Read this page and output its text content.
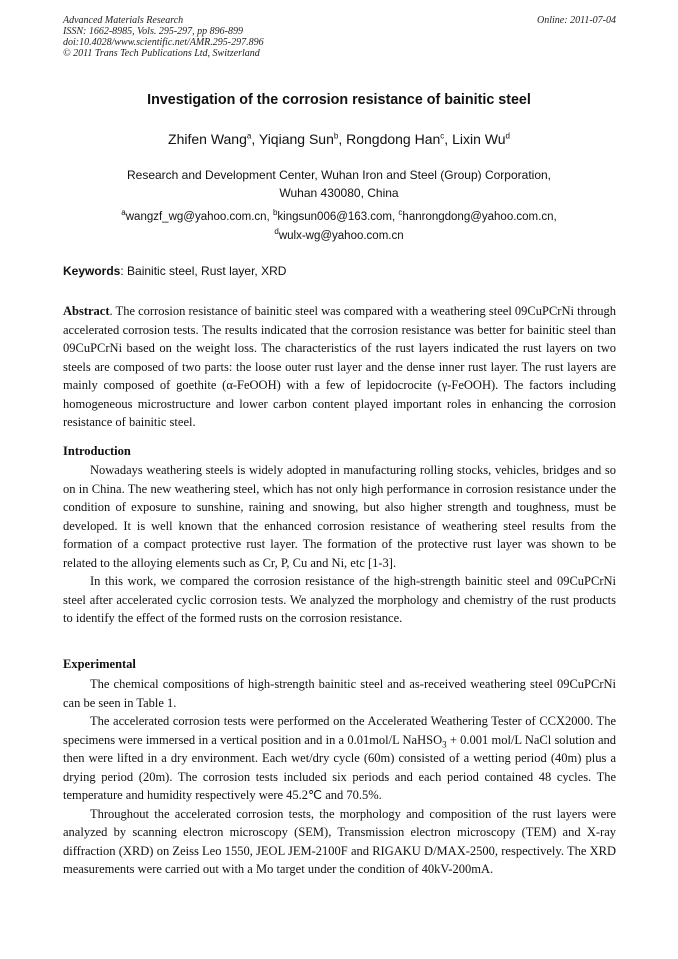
Advanced Materials Research
ISSN: 1662-8985, Vols. 295-297, pp 896-899
doi:10.4028/www.scientific.net/AMR.295-297.896
© 2011 Trans Tech Publications Ltd, Switzerland
Online: 2011-07-04
Investigation of the corrosion resistance of bainitic steel
Zhifen Wang$^a$, Yiqiang Sun$^b$, Rongdong Han$^c$, Lixin Wu$^d$
Research and Development Center, Wuhan Iron and Steel (Group) Corporation,
Wuhan 430080, China
$^a$wangzf_wg@yahoo.com.cn, $^b$kingsun006@163.com, $^c$hanrongdong@yahoo.com.cn,
$^d$wulx-wg@yahoo.com.cn
Keywords: Bainitic steel, Rust layer, XRD

Abstract. The corrosion resistance of bainitic steel was compared with a weathering steel 09CuPCrNi through accelerated corrosion tests. The results indicated that the corrosion resistance was better for bainitic steel than 09CuPCrNi based on the weight loss. The characteristics of the rust layers indicated the rust layers on two steels are composed of two parts: the loose outer rust layer and the dense inner rust layer. The rust layers are mainly composed of goethite (α-FeOOH) with a few of lepidocrocite (γ-FeOOH). The factors including homogeneous microstructure and lower carbon content played important roles in enhancing the corrosion resistance of bainitic steel.

Introduction

Nowadays weathering steels is widely adopted in manufacturing rolling stocks, vehicles, bridges and so on in China. The new weathering steel, which has not only high performance in corrosion resistance under the condition of exposure to sunshine, raining and snowing, but also higher strength and toughness, must be developed. It is well known that the enhanced corrosion resistance of weathering steel results from the formation of a compact protective rust layer. The formation of the protective rust layer was shown to be related to the alloying elements such as Cr, P, Cu and Ni, etc [1-3].

In this work, we compared the corrosion resistance of the high-strength bainitic steel and 09CuPCrNi steel after accelerated cyclic corrosion tests. We analyzed the morphology and chemistry of the rust products to identify the effect of the formed rusts on the corrosion resistance.

Experimental

The chemical compositions of high-strength bainitic steel and as-received weathering steel 09CuPCrNi can be seen in Table 1.

The accelerated corrosion tests were performed on the Accelerated Weathering Tester of CCX2000. The specimens were immersed in a vertical position and in a 0.01mol/L NaHSO$_3$ + 0.001 mol/L NaCl solution and then were lifted in a dry environment. Each wet/dry cycle (60m) consisted of a wetting period (40m) plus a drying period (20m). The corrosion tests included six periods and each period contained 48 cycles. The temperature and humidity respectively were 45.2℃ and 70.5%.

Throughout the accelerated corrosion tests, the morphology and composition of the rust layers were analyzed by scanning electron microscopy (SEM), Transmission electron microscopy (TEM) and X-ray diffraction (XRD) on Zeiss Leo 1550, JEOL JEM-2100F and RIGAKU D/MAX-2500, respectively. The XRD measurements were carried out with a Mo target under the condition of 40kV-200mA.
